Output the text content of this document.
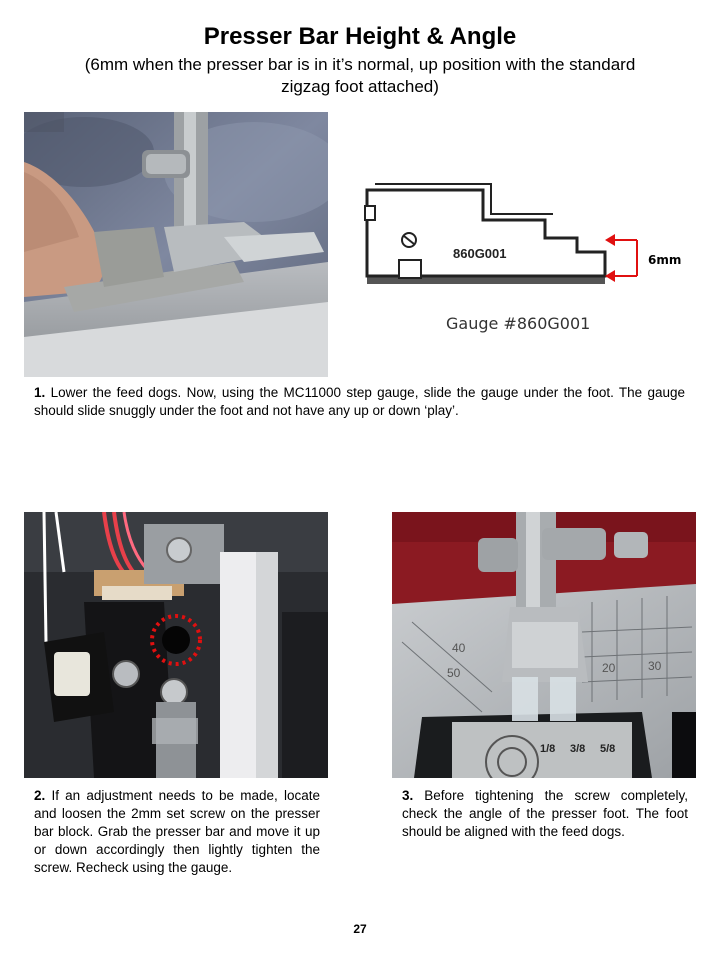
Presser Bar Height & Angle
(6mm when the presser bar is in it’s normal, up position with the standard zigzag foot attached)
860G001	6mm
Gauge #860G001
1. Lower the feed dogs. Now, using the MC11000 step gauge, slide the gauge under the foot. The gauge should slide snuggly under the foot and not have any up or down ‘play’.
2. If an adjustment needs to be made, locate and loosen the 2mm set screw on the presser bar block. Grab the presser bar and move it up or down accordingly then lightly tighten the screw. Recheck using the gauge.
20	30
40
50
1/8 3/8 5/8
3. Before tightening the screw completely, check the angle of the presser foot. The foot should be aligned with the feed dogs.
27
